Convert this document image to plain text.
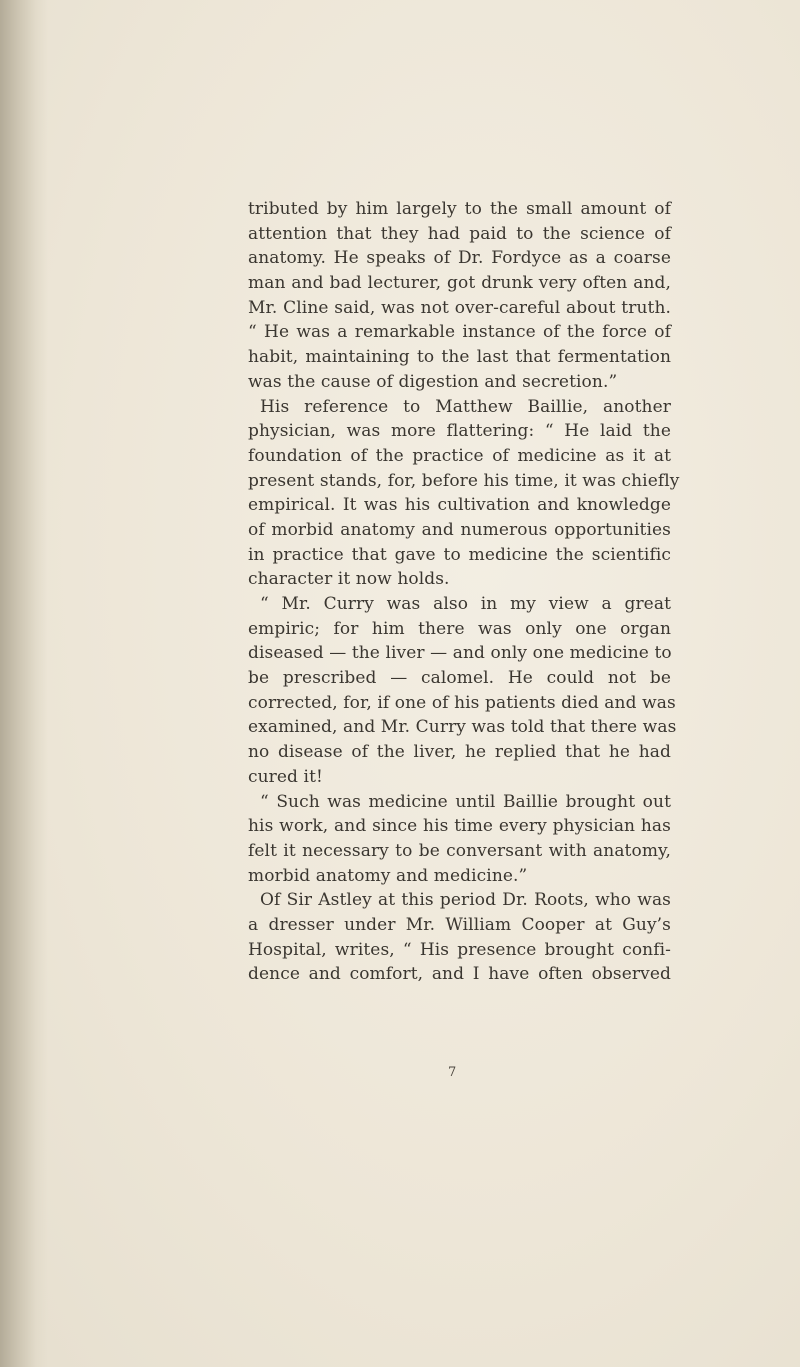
tributed by him largely to the small amount of
attention that they had paid to the science of
anatomy. He speaks of Dr. Fordyce as a coarse
man and bad lecturer, got drunk very often and,
Mr. Cline said, was not over-careful about truth.
“ He was a remarkable instance of the force of
habit, maintaining to the last that fermentation
was the cause of digestion and secretion.”
His reference to Matthew Baillie, another
physician, was more flattering: “ He laid the
foundation of the practice of medicine as it at
present stands, for, before his time, it was chiefly
empirical. It was his cultivation and knowledge
of morbid anatomy and numerous opportunities
in practice that gave to medicine the scientific
character it now holds.
“ Mr. Curry was also in my view a great
empiric; for him there was only one organ
diseased — the liver — and only one medicine to
be prescribed — calomel. He could not be
corrected, for, if one of his patients died and was
examined, and Mr. Curry was told that there was
no disease of the liver, he replied that he had
cured it!
“ Such was medicine until Baillie brought out
his work, and since his time every physician has
felt it necessary to be conversant with anatomy,
morbid anatomy and medicine.”
Of Sir Astley at this period Dr. Roots, who was
a dresser under Mr. William Cooper at Guy’s
Hospital, writes, “ His presence brought confi-
dence and comfort, and I have often observed
7
